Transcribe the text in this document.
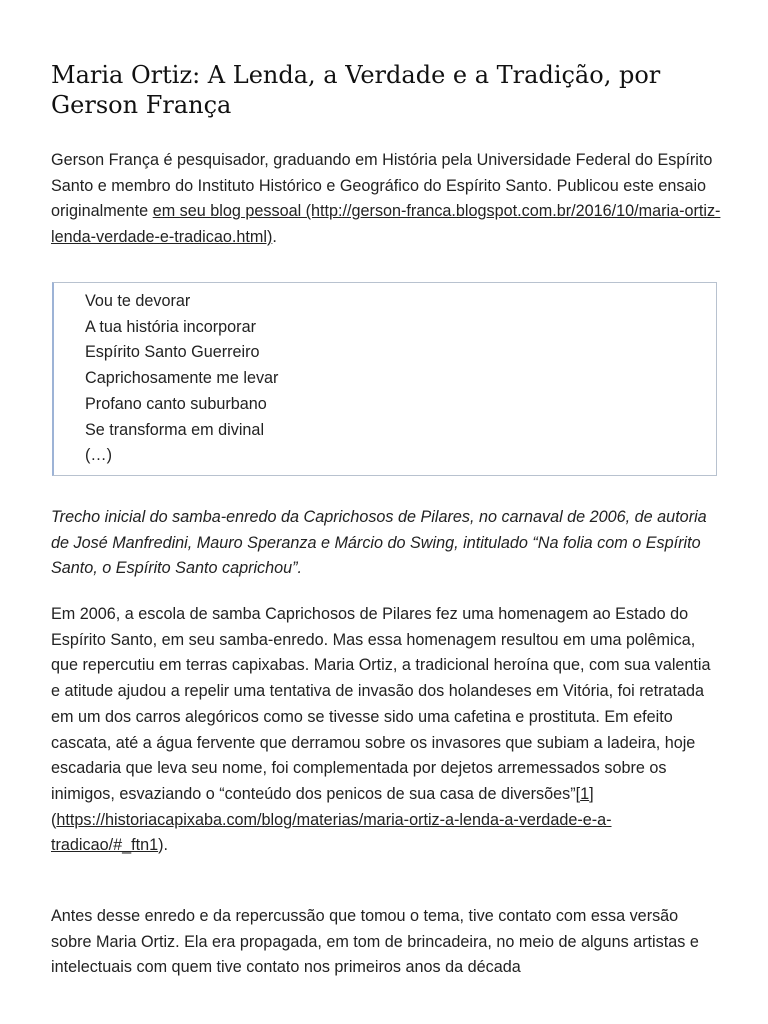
Maria Ortiz: A Lenda, a Verdade e a Tradição, por Gerson França

Gerson França é pesquisador, graduando em História pela Universidade Federal do Espírito Santo e membro do Instituto Histórico e Geográfico do Espírito Santo. Publicou este ensaio originalmente em seu blog pessoal (http://gerson-franca.blogspot.com.br/2016/10/maria-ortiz-lenda-verdade-e-tradicao.html).

Vou te devorar
A tua história incorporar
Espírito Santo Guerreiro
Caprichosamente me levar
Profano canto suburbano
Se transforma em divinal
(…)

Trecho inicial do samba-enredo da Caprichosos de Pilares, no carnaval de 2006, de autoria de José Manfredini, Mauro Speranza e Márcio do Swing, intitulado “Na folia com o Espírito Santo, o Espírito Santo caprichou”.

Em 2006, a escola de samba Caprichosos de Pilares fez uma homenagem ao Estado do Espírito Santo, em seu samba-enredo. Mas essa homenagem resultou em uma polêmica, que repercutiu em terras capixabas. Maria Ortiz, a tradicional heroína que, com sua valentia e atitude ajudou a repelir uma tentativa de invasão dos holandeses em Vitória, foi retratada em um dos carros alegóricos como se tivesse sido uma cafetina e prostituta. Em efeito cascata, até a água fervente que derramou sobre os invasores que subiam a ladeira, hoje escadaria que leva seu nome, foi complementada por dejetos arremessados sobre os inimigos, esvaziando o “conteúdo dos penicos de sua casa de diversões”[1] (https://historiacapixaba.com/blog/materias/maria-ortiz-a-lenda-a-verdade-e-a-tradicao/#_ftn1).

Antes desse enredo e da repercussão que tomou o tema, tive contato com essa versão sobre Maria Ortiz. Ela era propagada, em tom de brincadeira, no meio de alguns artistas e intelectuais com quem tive contato nos primeiros anos da década
